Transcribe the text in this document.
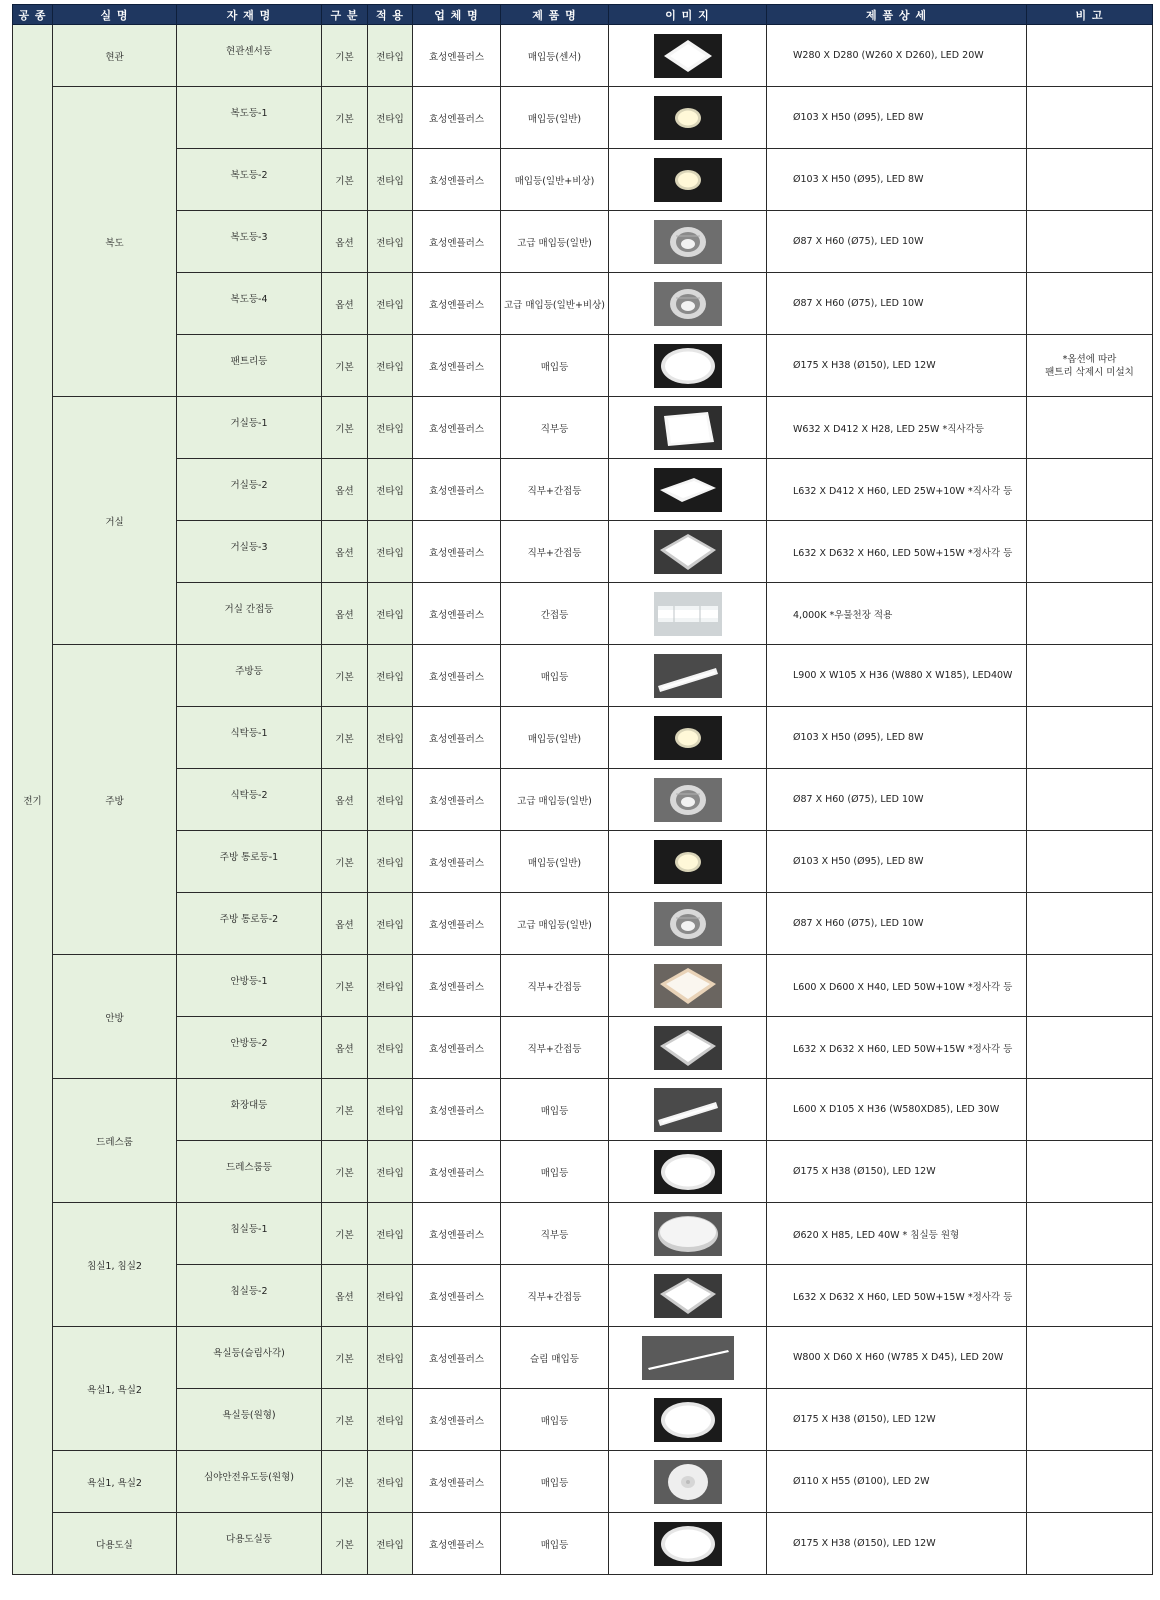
공 종	실 명	자 재 명	구 분	적 용	업 체 명	제 품 명	이 미 지	제 품 상 세	비 고
전기	현관	현관센서등	기본	전타입	효성엔플러스	매입등(센서)		W280 X D280 (W260 X D260), LED 20W	
	복도	복도등-1	기본	전타입	효성엔플러스	매입등(일반)		Ø103 X H50 (Ø95), LED 8W	
		복도등-2	기본	전타입	효성엔플러스	매입등(일반+비상)		Ø103 X H50 (Ø95), LED 8W	
		복도등-3	옵션	전타입	효성엔플러스	고급 매입등(일반)		Ø87 X H60 (Ø75), LED 10W	
		복도등-4	옵션	전타입	효성엔플러스	고급 매입등(일반+비상)		Ø87 X H60 (Ø75), LED 10W	
		팬트리등	기본	전타입	효성엔플러스	매입등		Ø175 X H38 (Ø150), LED 12W	*옵션에 따라
팬트리 삭제시 미설치

	거실	거실등-1	기본	전타입	효성엔플러스	직부등		W632 X D412 X H28, LED 25W *직사각등	
		거실등-2	옵션	전타입	효성엔플러스	직부+간접등		L632 X D412 X H60, LED 25W+10W *직사각 등	
		거실등-3	옵션	전타입	효성엔플러스	직부+간접등		L632 X D632 X H60, LED 50W+15W *정사각 등	
		거실 간접등	옵션	전타입	효성엔플러스	간접등		4,000K *우물천장 적용	
	주방	주방등	기본	전타입	효성엔플러스	매입등		L900 X W105 X H36 (W880 X W185), LED40W	
		식탁등-1	기본	전타입	효성엔플러스	매입등(일반)		Ø103 X H50 (Ø95), LED 8W	
		식탁등-2	옵션	전타입	효성엔플러스	고급 매입등(일반)		Ø87 X H60 (Ø75), LED 10W	
		주방 통로등-1	기본	전타입	효성엔플러스	매입등(일반)		Ø103 X H50 (Ø95), LED 8W	
		주방 통로등-2	옵션	전타입	효성엔플러스	고급 매입등(일반)		Ø87 X H60 (Ø75), LED 10W	
	안방	안방등-1	기본	전타입	효성엔플러스	직부+간접등		L600 X D600 X H40, LED 50W+10W *정사각 등	
		안방등-2	옵션	전타입	효성엔플러스	직부+간접등		L632 X D632 X H60, LED 50W+15W *정사각 등	
	드레스룸	화장대등	기본	전타입	효성엔플러스	매입등		L600 X D105 X H36 (W580XD85), LED 30W	
		드레스룸등	기본	전타입	효성엔플러스	매입등		Ø175 X H38 (Ø150), LED 12W	
	침실1, 침실2	침실등-1	기본	전타입	효성엔플러스	직부등		Ø620 X H85, LED 40W * 침실등 원형	
		침실등-2	옵션	전타입	효성엔플러스	직부+간접등		L632 X D632 X H60, LED 50W+15W *정사각 등	
	욕실1, 욕실2	욕실등(슬림사각)	기본	전타입	효성엔플러스	슬림 매입등		W800 X D60 X H60 (W785 X D45), LED 20W	
		욕실등(원형)	기본	전타입	효성엔플러스	매입등		Ø175 X H38 (Ø150), LED 12W	
	욕실1, 욕실2	심야안전유도등(원형)	기본	전타입	효성엔플러스	매입등		Ø110 X H55 (Ø100), LED 2W	
	다용도실	다용도실등	기본	전타입	효성엔플러스	매입등		Ø175 X H38 (Ø150), LED 12W	
